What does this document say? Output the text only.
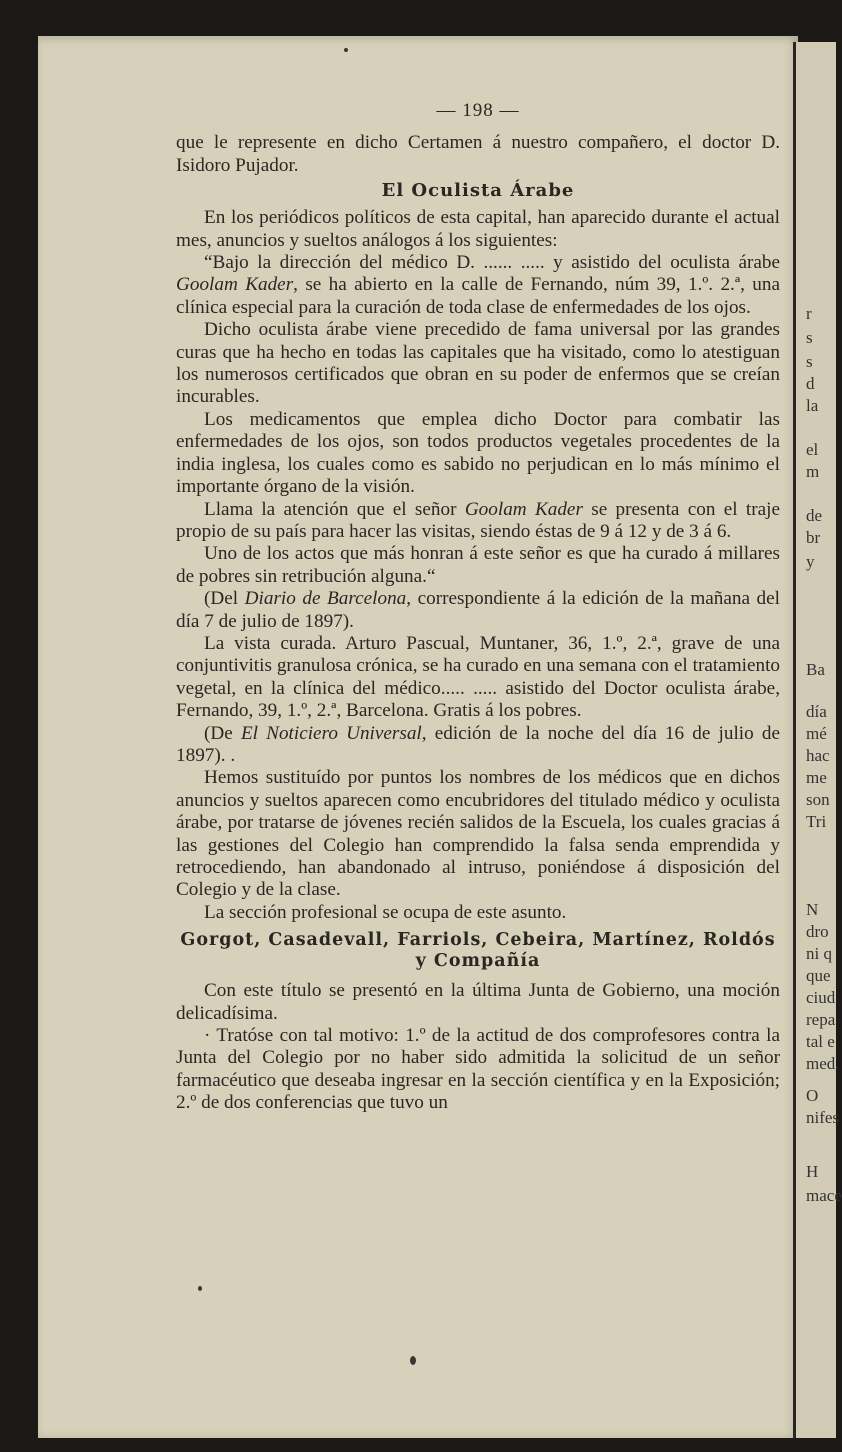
r
s
s
d
la
el
m
de
br
y
Ba
día
mé
hac
me
son
Tri
N
dro
ni q
que
ciud
repa
tal e
med.
O
nifes
H
mace
— 198 —

que le represente en dicho Certamen á nuestro compañero, el doctor D. Isidoro Pujador.

El Oculista Árabe

En los periódicos políticos de esta capital, han aparecido durante el actual mes, anuncios y sueltos análogos á los siguientes:

“Bajo la dirección del médico D. ...... ..... y asistido del oculista árabe Goolam Kader, se ha abierto en la calle de Fernando, núm 39, 1.º. 2.ª, una clínica especial para la curación de toda clase de enfermedades de los ojos.

Dicho oculista árabe viene precedido de fama universal por las grandes curas que ha hecho en todas las capitales que ha visitado, como lo atestiguan los numerosos certificados que obran en su poder de enfermos que se creían incurables.

Los medicamentos que emplea dicho Doctor para combatir las enfermedades de los ojos, son todos productos vegetales procedentes de la india inglesa, los cuales como es sabido no perjudican en lo más mínimo el importante órgano de la visión.

Llama la atención que el señor Goolam Kader se presenta con el traje propio de su país para hacer las visitas, siendo éstas de 9 á 12 y de 3 á 6.

Uno de los actos que más honran á este señor es que ha curado á millares de pobres sin retribución alguna.“

(Del Diario de Barcelona, correspondiente á la edición de la mañana del día 7 de julio de 1897).

La vista curada. Arturo Pascual, Muntaner, 36, 1.º, 2.ª, grave de una conjuntivitis granulosa crónica, se ha curado en una semana con el tratamiento vegetal, en la clínica del médico..... ..... asistido del Doctor oculista árabe, Fernando, 39, 1.º, 2.ª, Barcelona. Gratis á los pobres.

(De El Noticiero Universal, edición de la noche del día 16 de julio de 1897). .

Hemos sustituído por puntos los nombres de los médicos que en dichos anuncios y sueltos aparecen como encubridores del titulado médico y oculista árabe, por tratarse de jóvenes recién salidos de la Escuela, los cuales gracias á las gestiones del Colegio han comprendido la falsa senda emprendida y retrocediendo, han abandonado al intruso, poniéndose á disposición del Colegio y de la clase.

La sección profesional se ocupa de este asunto.

Gorgot, Casadevall, Farriols, Cebeira, Martínez, Roldós y Compañía

Con este título se presentó en la última Junta de Gobierno, una moción delicadísima.

· Tratóse con tal motivo: 1.º de la actitud de dos comprofesores contra la Junta del Colegio por no haber sido admitida la solicitud de un señor farmacéutico que deseaba ingresar en la sección científica y en la Exposición; 2.º de dos conferencias que tuvo un
